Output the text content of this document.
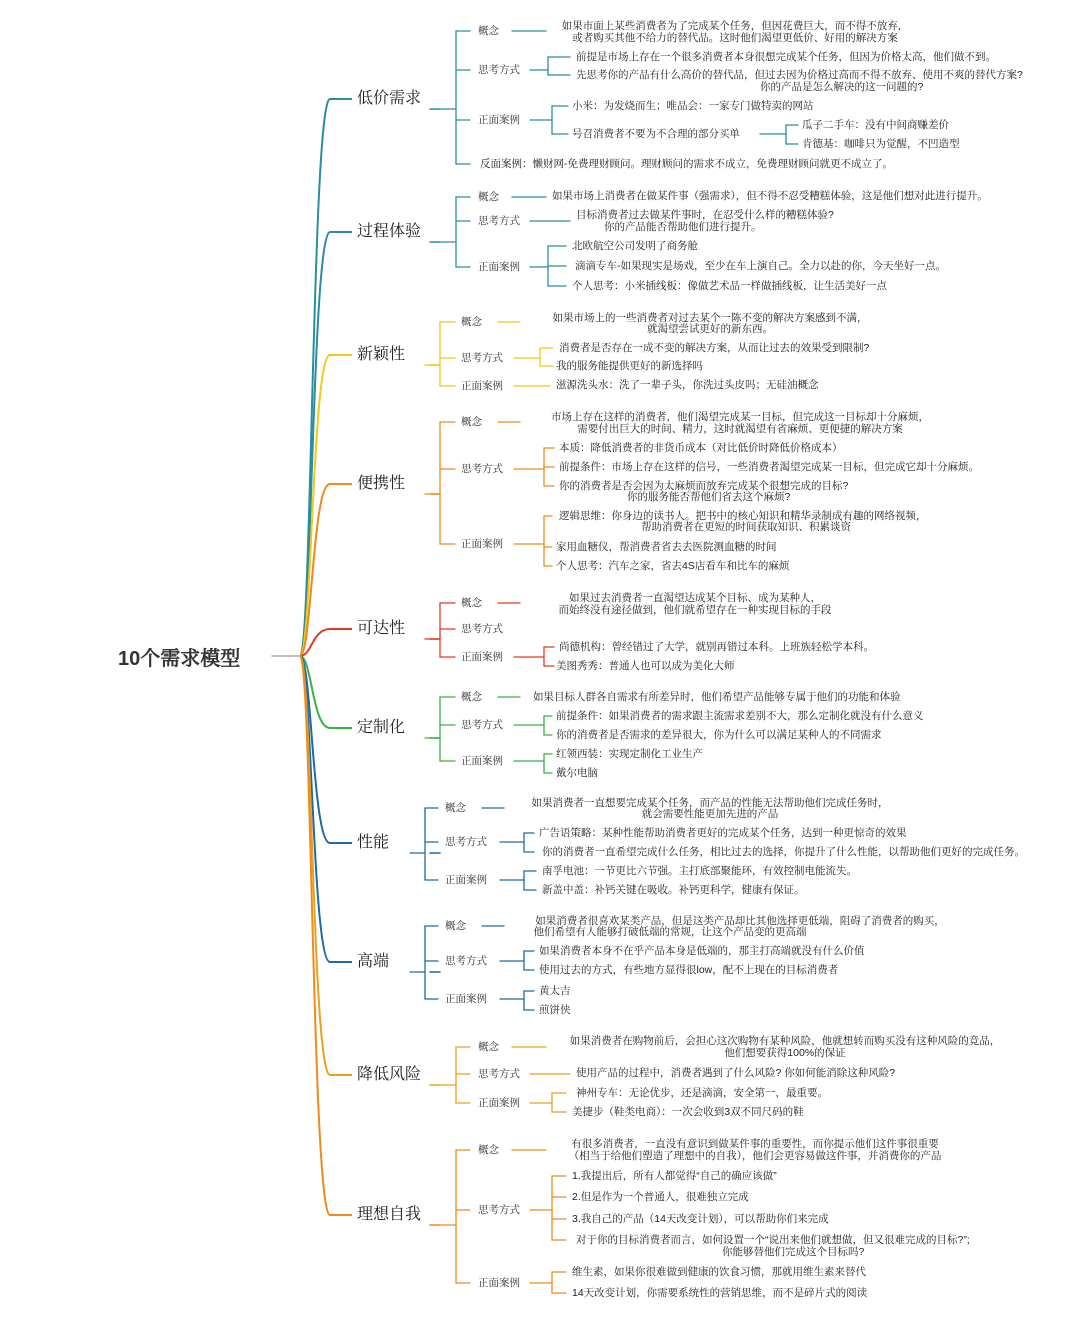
10个需求模型
低价需求
概念
思考方式
正面案例
如果市面上某些消费者为了完成某个任务，但因花费巨大，而不得不放弃，
或者购买其他不给力的替代品。这时他们渴望更低价、好用的解决方案
前提是市场上存在一个很多消费者本身很想完成某个任务，但因为价格太高，他们做不到。
先思考你的产品有什么高价的替代品，但过去因为价格过高而不得不放弃、使用不爽的替代方案?
你的产品是怎么解决的这一问题的?
小米：为发烧而生；唯品会：一家专门做特卖的网站
号召消费者不要为不合理的部分买单
瓜子二手车：没有中间商赚差价
肯德基：咖啡只为觉醒，不凹造型
反面案例：懒财网-免费理财顾问。理财顾问的需求不成立，免费理财顾问就更不成立了。
过程体验
概念
思考方式
正面案例
如果市场上消费者在做某件事（强需求），但不得不忍受糟糕体验，这是他们想对此进行提升。
目标消费者过去做某件事时，在忍受什么样的糟糕体验?
你的产品能否帮助他们进行提升。
北欧航空公司发明了商务舱
滴滴专车-如果现实是场戏，至少在车上演自己。全力以赴的你，今天坐好一点。
个人思考：小米插线板：像做艺术品一样做插线板，让生活美好一点
新颖性
概念
思考方式
正面案例
如果市场上的一些消费者对过去某个一陈不变的解决方案感到不满，
就渴望尝试更好的新东西。
消费者是否存在一成不变的解决方案，从而让过去的效果受到限制?
我的服务能提供更好的新选择吗
滋源洗头水：洗了一辈子头，你洗过头皮吗；无硅油概念
便携性
概念
思考方式
正面案例
市场上存在这样的消费者，他们渴望完成某一目标，但完成这一目标却十分麻烦，
需要付出巨大的时间、精力，这时就渴望有省麻烦、更便捷的解决方案
本质：降低消费者的非货币成本（对比低价时降低价格成本）
前提条件：市场上存在这样的信号，一些消费者渴望完成某一目标，但完成它却十分麻烦。
你的消费者是否会因为太麻烦而放弃完成某个很想完成的目标?
你的服务能否帮他们省去这个麻烦?
逻辑思维：你身边的读书人。把书中的核心知识和精华录制成有趣的网络视频，
帮助消费者在更短的时间获取知识、积累谈资
家用血糖仪，帮消费者省去去医院测血糖的时间
个人思考：汽车之家，省去4S店看车和比车的麻烦
可达性
概念
思考方式
正面案例
如果过去消费者一直渴望达成某个目标、成为某种人，
而始终没有途径做到，他们就希望存在一种实现目标的手段
尚德机构：曾经错过了大学，就别再错过本科。上班族轻松学本科。
美图秀秀：普通人也可以成为美化大师
定制化
概念
思考方式
正面案例
如果目标人群各自需求有所差异时，他们希望产品能够专属于他们的功能和体验
前提条件：如果消费者的需求跟主流需求差别不大，那么定制化就没有什么意义
你的消费者是否需求的差异很大，你为什么可以满足某种人的不同需求
红领西装：实现定制化工业生产
戴尔电脑
性能
概念
思考方式
正面案例
如果消费者一直想要完成某个任务，而产品的性能无法帮助他们完成任务时，
就会需要性能更加先进的产品
广告语策略：某种性能帮助消费者更好的完成某个任务，达到一种更惊奇的效果
你的消费者一直希望完成什么任务，相比过去的选择，你提升了什么性能，以帮助他们更好的完成任务。
南孚电池：一节更比六节强。主打底部聚能环，有效控制电能流失。
新盖中盖：补钙关键在吸收。补钙更科学，健康有保证。
高端
概念
思考方式
正面案例
如果消费者很喜欢某类产品，但是这类产品却比其他选择更低端，阻碍了消费者的购买，
他们希望有人能够打破低端的常规，让这个产品变的更高端
如果消费者本身不在乎产品本身是低端的，那主打高端就没有什么价值
使用过去的方式，有些地方显得很low，配不上现在的目标消费者
黄太吉
煎饼侠
降低风险
概念
思考方式
正面案例
如果消费者在购物前后，会担心这次购物有某种风险，他就想转而购买没有这种风险的竞品，
他们想要获得100%的保证
使用产品的过程中，消费者遇到了什么风险? 你如何能消除这种风险?
神州专车：无论优步，还是滴滴，安全第一，最重要。
美捷步（鞋类电商）：一次会收到3双不同尺码的鞋
理想自我
概念
思考方式
正面案例
有很多消费者，一直没有意识到做某件事的重要性，而你提示他们这件事很重要
（相当于给他们塑造了理想中的自我），他们会更容易做这件事，并消费你的产品
1.我提出后，所有人都觉得“自己的确应该做”
2.但是作为一个普通人，很难独立完成
3.我自己的产品（14天改变计划），可以帮助你们来完成
对于你的目标消费者而言，如何设置一个“说出来他们就想做，但又很难完成的目标?”;
你能够替他们完成这个目标吗?
维生素，如果你很难做到健康的饮食习惯，那就用维生素来替代
14天改变计划，你需要系统性的营销思维，而不是碎片式的阅读
